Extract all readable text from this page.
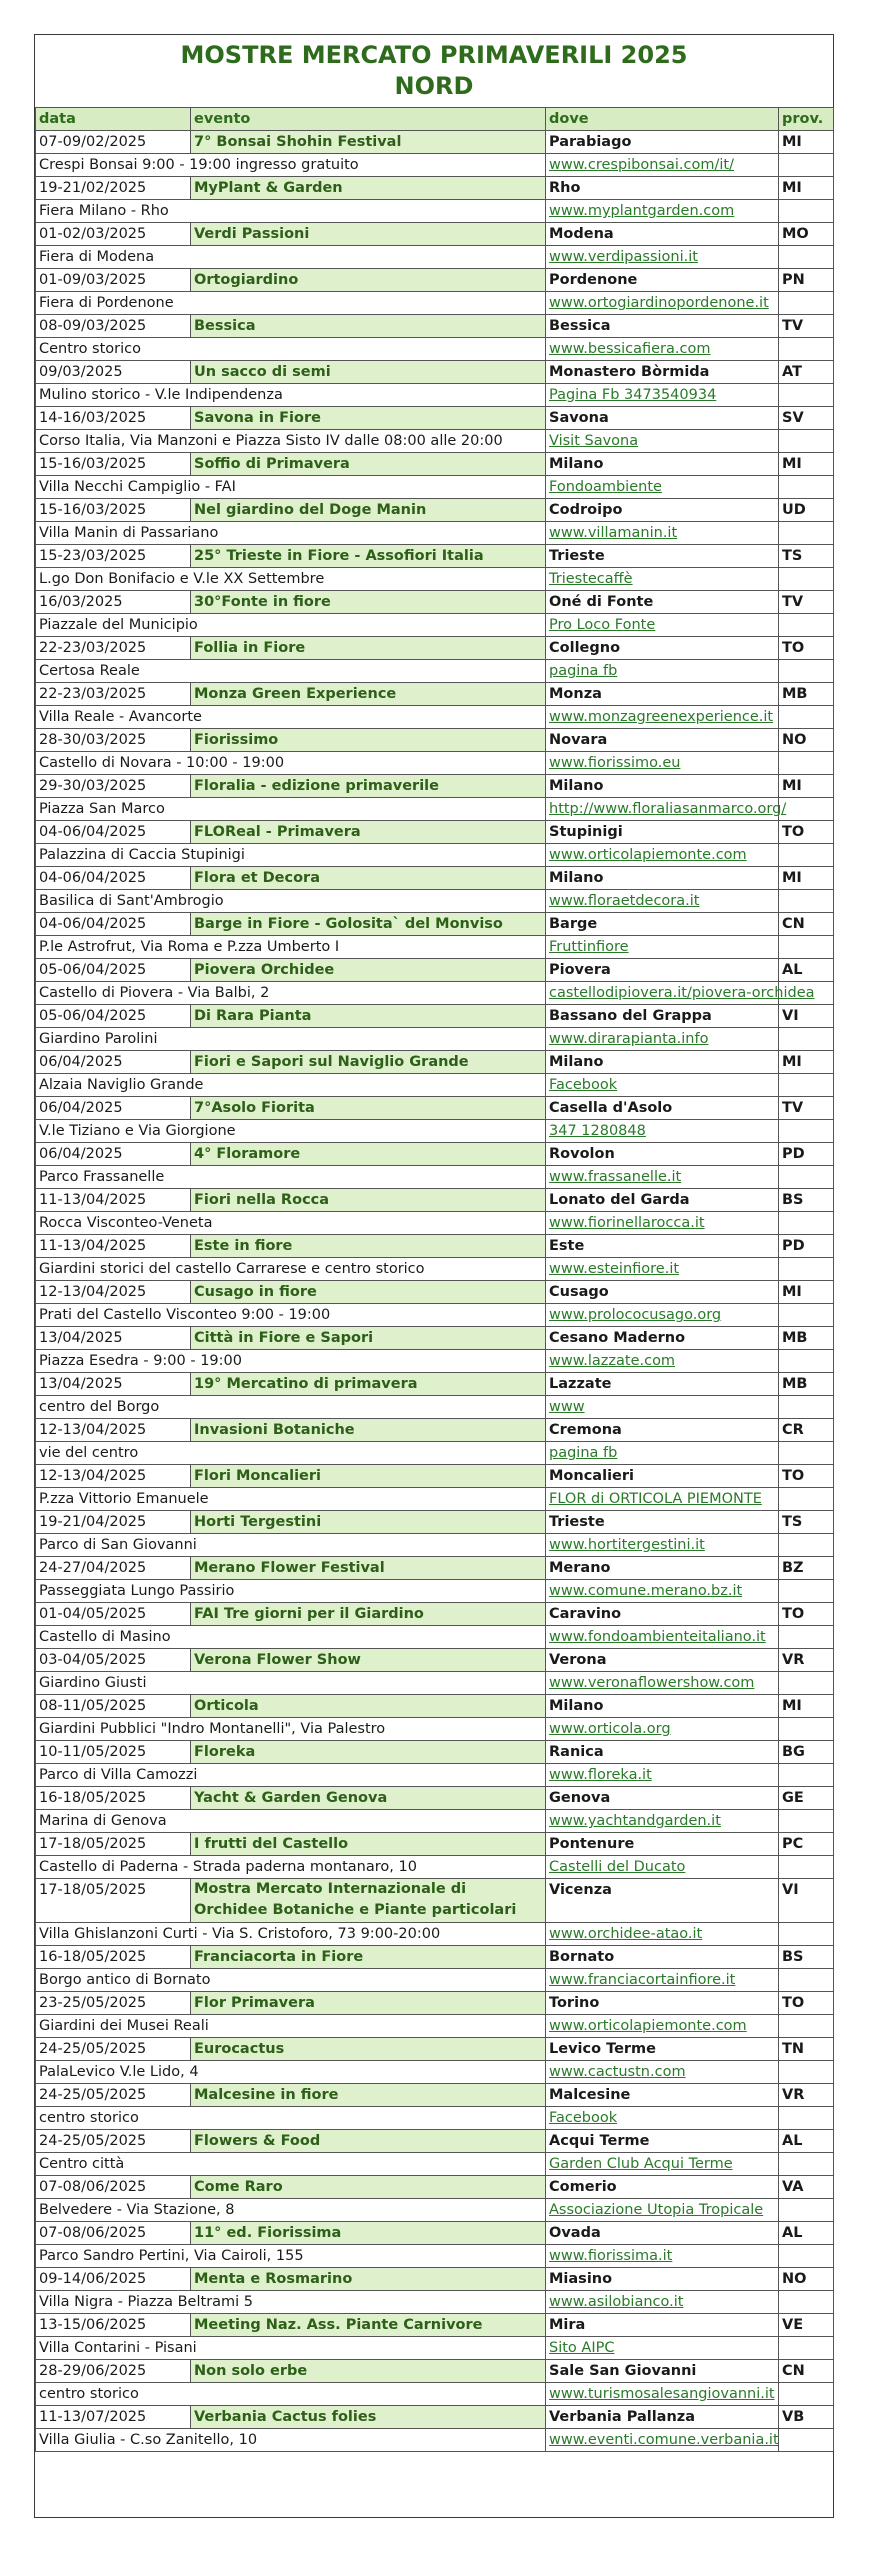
MOSTRE MERCATO PRIMAVERILI 2025
NORD
data	evento	dove	prov.
07-09/02/2025	7° Bonsai Shohin Festival	Parabiago	MI
Crespi Bonsai 9:00 - 19:00 ingresso gratuito		www.crespibonsai.com/it/	
19-21/02/2025	MyPlant & Garden	Rho	MI
Fiera Milano - Rho		www.myplantgarden.com	
01-02/03/2025	Verdi Passioni	Modena	MO
Fiera di Modena		www.verdipassioni.it	
01-09/03/2025	Ortogiardino	Pordenone	PN
Fiera di Pordenone		www.ortogiardinopordenone.it	
08-09/03/2025	Bessica	Bessica	TV
Centro storico		www.bessicafiera.com	
09/03/2025	Un sacco di semi	Monastero Bòrmida	AT
Mulino storico - V.le Indipendenza		Pagina Fb 3473540934	
14-16/03/2025	Savona in Fiore	Savona	SV
Corso Italia, Via Manzoni e Piazza Sisto IV dalle 08:00 alle 20:00		Visit Savona	
15-16/03/2025	Soffio di Primavera	Milano	MI
Villa Necchi Campiglio - FAI		Fondoambiente	
15-16/03/2025	Nel giardino del Doge Manin	Codroipo	UD
Villa Manin di Passariano		www.villamanin.it	
15-23/03/2025	25° Trieste in Fiore - Assofiori Italia	Trieste	TS
L.go Don Bonifacio e V.le XX Settembre		Triestecaffè	
16/03/2025	30°Fonte in fiore	Oné di Fonte	TV
Piazzale del Municipio		Pro Loco Fonte	
22-23/03/2025	Follia in Fiore	Collegno	TO
Certosa Reale		pagina fb	
22-23/03/2025	Monza Green Experience	Monza	MB
Villa Reale - Avancorte		www.monzagreenexperience.it	
28-30/03/2025	Fiorissimo	Novara	NO
Castello di Novara - 10:00 - 19:00		www.fiorissimo.eu	
29-30/03/2025	Floralia - edizione primaverile	Milano	MI
Piazza San Marco		http://www.floraliasanmarco.org/	
04-06/04/2025	FLOReal - Primavera	Stupinigi	TO
Palazzina di Caccia Stupinigi		www.orticolapiemonte.com	
04-06/04/2025	Flora et Decora	Milano	MI
Basilica di Sant'Ambrogio		www.floraetdecora.it	
04-06/04/2025	Barge in Fiore - Golosita` del Monviso	Barge	CN
P.le Astrofrut, Via Roma e P.zza Umberto I		Fruttinfiore	
05-06/04/2025	Piovera Orchidee	Piovera	AL
Castello di Piovera - Via Balbi, 2		castellodipiovera.it/piovera-orchidea	
05-06/04/2025	Di Rara Pianta	Bassano del Grappa	VI
Giardino Parolini		www.dirarapianta.info	
06/04/2025	Fiori e Sapori sul Naviglio Grande	Milano	MI
Alzaia Naviglio Grande		Facebook	
06/04/2025	7°Asolo Fiorita	Casella d'Asolo	TV
V.le Tiziano e Via Giorgione		347 1280848	
06/04/2025	4° Floramore	Rovolon	PD
Parco Frassanelle		www.frassanelle.it	
11-13/04/2025	Fiori nella Rocca	Lonato del Garda	BS
Rocca Visconteo-Veneta		www.fiorinellarocca.it	
11-13/04/2025	Este in fiore	Este	PD
Giardini storici del castello Carrarese e centro storico		www.esteinfiore.it	
12-13/04/2025	Cusago in fiore	Cusago	MI
Prati del Castello Visconteo 9:00 - 19:00		www.prolococusago.org	
13/04/2025	Città in Fiore e Sapori	Cesano Maderno	MB
Piazza Esedra - 9:00 - 19:00		www.lazzate.com	
13/04/2025	19° Mercatino di primavera	Lazzate	MB
centro del Borgo		www	
12-13/04/2025	Invasioni Botaniche	Cremona	CR
vie del centro		pagina fb	
12-13/04/2025	Flori Moncalieri	Moncalieri	TO
P.zza Vittorio Emanuele		FLOR di ORTICOLA PIEMONTE	
19-21/04/2025	Horti Tergestini	Trieste	TS
Parco di San Giovanni		www.hortitergestini.it	
24-27/04/2025	Merano Flower Festival	Merano	BZ
Passeggiata Lungo Passirio		www.comune.merano.bz.it	
01-04/05/2025	FAI Tre giorni per il Giardino	Caravino	TO
Castello di Masino		www.fondoambienteitaliano.it	
03-04/05/2025	Verona Flower Show	Verona	VR
Giardino Giusti		www.veronaflowershow.com	
08-11/05/2025	Orticola	Milano	MI
Giardini Pubblici "Indro Montanelli", Via Palestro		www.orticola.org	
10-11/05/2025	Floreka	Ranica	BG
Parco di Villa Camozzi		www.floreka.it	
16-18/05/2025	Yacht & Garden Genova	Genova	GE
Marina di Genova		www.yachtandgarden.it	
17-18/05/2025	I frutti del Castello	Pontenure	PC
Castello di Paderna - Strada paderna montanaro, 10		Castelli del Ducato	
17-18/05/2025	Mostra Mercato Internazionale di Orchidee Botaniche e Piante particolari	Vicenza	VI
Villa Ghislanzoni Curti - Via S. Cristoforo, 73 9:00-20:00		www.orchidee-atao.it	
16-18/05/2025	Franciacorta in Fiore	Bornato	BS
Borgo antico di Bornato		www.franciacortainfiore.it	
23-25/05/2025	Flor Primavera	Torino	TO
Giardini dei Musei Reali		www.orticolapiemonte.com	
24-25/05/2025	Eurocactus	Levico Terme	TN
PalaLevico V.le Lido, 4		www.cactustn.com	
24-25/05/2025	Malcesine in fiore	Malcesine	VR
centro storico		Facebook	
24-25/05/2025	Flowers & Food	Acqui Terme	AL
Centro città		Garden Club Acqui Terme	
07-08/06/2025	Come Raro	Comerio	VA
Belvedere - Via Stazione, 8		Associazione Utopia Tropicale	
07-08/06/2025	11° ed. Fiorissima	Ovada	AL
Parco Sandro Pertini, Via Cairoli, 155		www.fiorissima.it	
09-14/06/2025	Menta e Rosmarino	Miasino	NO
Villa Nigra - Piazza Beltrami 5		www.asilobianco.it	
13-15/06/2025	Meeting Naz. Ass. Piante Carnivore	Mira	VE
Villa Contarini - Pisani		Sito AIPC	
28-29/06/2025	Non solo erbe	Sale San Giovanni	CN
centro storico		www.turismosalesangiovanni.it	
11-13/07/2025	Verbania Cactus folies	Verbania Pallanza	VB
Villa Giulia - C.so Zanitello, 10		www.eventi.comune.verbania.it	
